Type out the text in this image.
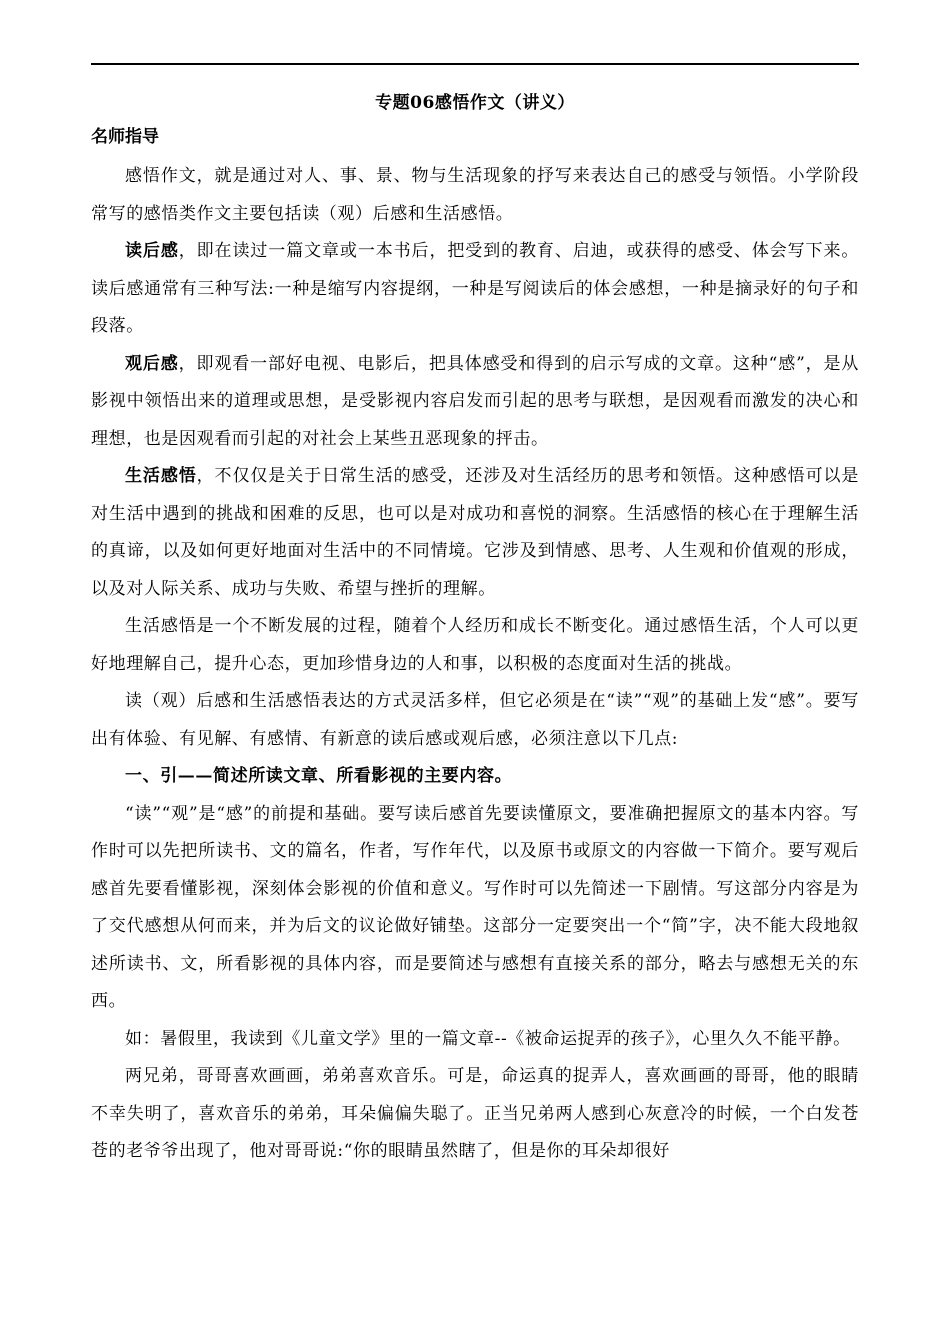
专题06感悟作文（讲义）
名师指导

感悟作文，就是通过对人、事、景、物与生活现象的抒写来表达自己的感受与领悟。小学阶段常写的感悟类作文主要包括读（观）后感和生活感悟。

读后感，即在读过一篇文章或一本书后，把受到的教育、启迪，或获得的感受、体会写下来。读后感通常有三种写法:一种是缩写内容提纲，一种是写阅读后的体会感想，一种是摘录好的句子和段落。

观后感，即观看一部好电视、电影后，把具体感受和得到的启示写成的文章。这种“感”，是从影视中领悟出来的道理或思想，是受影视内容启发而引起的思考与联想，是因观看而激发的决心和理想，也是因观看而引起的对社会上某些丑恶现象的抨击。

生活感悟，不仅仅是关于日常生活的感受，还涉及对生活经历的思考和领悟。这种感悟可以是对生活中遇到的挑战和困难的反思，也可以是对成功和喜悦的洞察。生活感悟的核心在于理解生活的真谛，以及如何更好地面对生活中的不同情境。它涉及到情感、思考、人生观和价值观的形成，以及对人际关系、成功与失败、希望与挫折的理解。

生活感悟是一个不断发展的过程，随着个人经历和成长不断变化。通过感悟生活，个人可以更好地理解自己，提升心态，更加珍惜身边的人和事，以积极的态度面对生活的挑战。

读（观）后感和生活感悟表达的方式灵活多样，但它必须是在“读”“观”的基础上发“感”。要写出有体验、有见解、有感情、有新意的读后感或观后感，必须注意以下几点:

一、引——简述所读文章、所看影视的主要内容。

“读”“观”是“感”的前提和基础。要写读后感首先要读懂原文，要准确把握原文的基本内容。写作时可以先把所读书、文的篇名，作者，写作年代，以及原书或原文的内容做一下简介。要写观后感首先要看懂影视，深刻体会影视的价值和意义。写作时可以先简述一下剧情。写这部分内容是为了交代感想从何而来，并为后文的议论做好铺垫。这部分一定要突出一个“简”字，决不能大段地叙述所读书、文，所看影视的具体内容，而是要简述与感想有直接关系的部分，略去与感想无关的东西。

如：暑假里，我读到《儿童文学》里的一篇文章--《被命运捉弄的孩子》，心里久久不能平静。

两兄弟，哥哥喜欢画画，弟弟喜欢音乐。可是，命运真的捉弄人，喜欢画画的哥哥，他的眼睛不幸失明了，喜欢音乐的弟弟，耳朵偏偏失聪了。正当兄弟两人感到心灰意冷的时候，一个白发苍苍的老爷爷出现了，他对哥哥说:“你的眼睛虽然瞎了，但是你的耳朵却很好
